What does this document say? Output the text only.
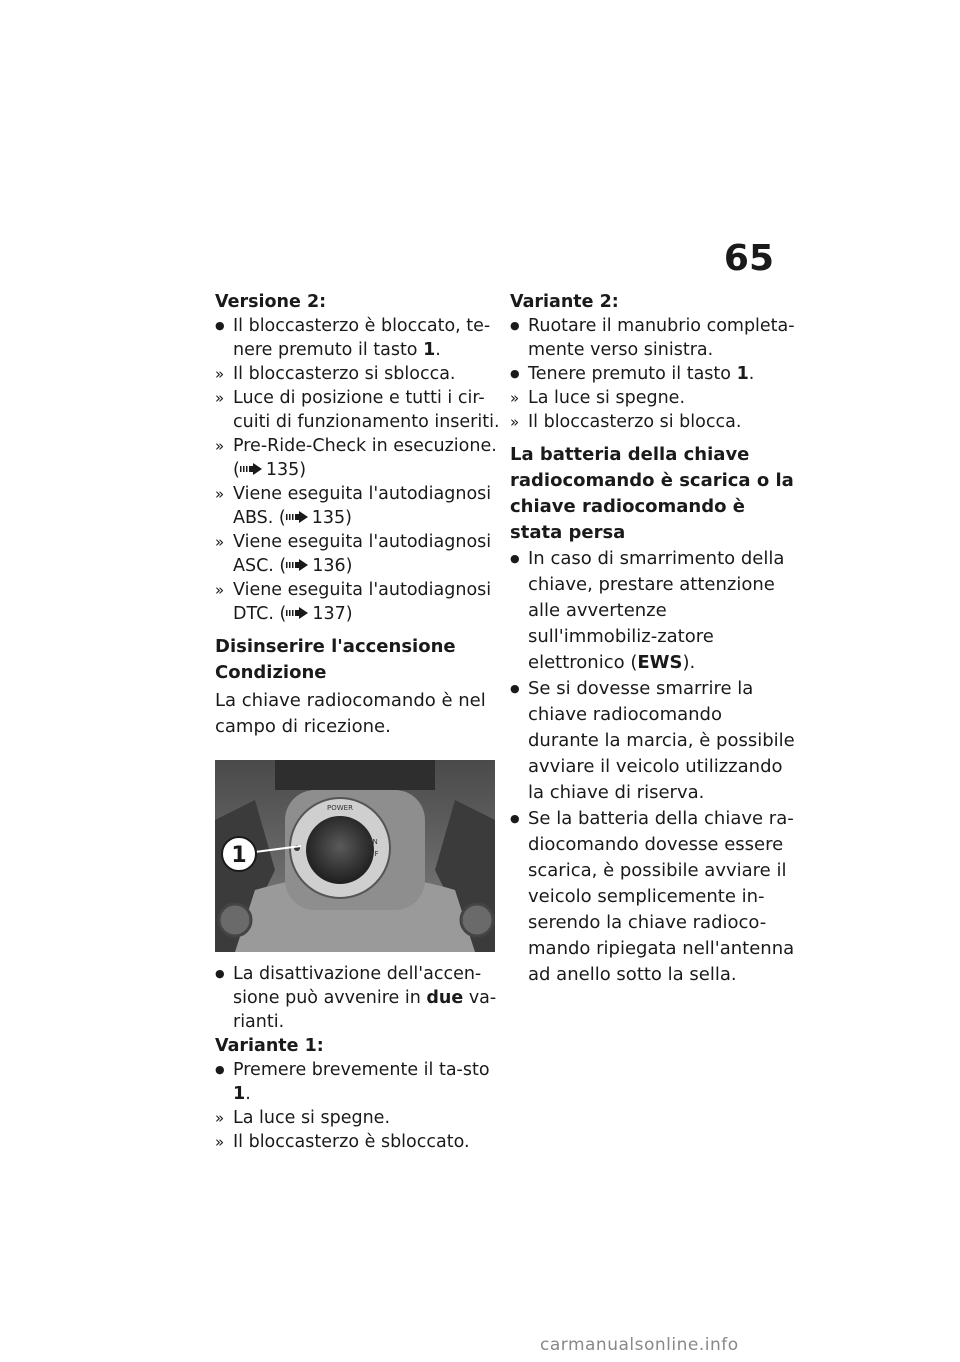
65

Versione 2:

●
Il bloccasterzo è bloccato, te-nere premuto il tasto 1.
»
Il bloccasterzo si sblocca.
»
Luce di posizione e tutti i cir-cuiti di funzionamento inseriti.
»
Pre-Ride-Check in esecuzione.
( 135)
»
Viene eseguita l'autodiagnosi ABS. ( 135)
»
Viene eseguita l'autodiagnosi ASC. ( 136)
»
Viene eseguita l'autodiagnosi DTC. ( 137)

Disinserire l'accensione

Condizione

La chiave radiocomando è nel campo di ricezione.

POWER
ON
OFF
1
●
La disattivazione dell'accen-sione può avvenire in due va-rianti.

Variante 1:

●
Premere brevemente il ta-sto 1.
»
La luce si spegne.
»
Il bloccasterzo è sbloccato.

Variante 2:

●
Ruotare il manubrio completa-mente verso sinistra.
●
Tenere premuto il tasto 1.
»
La luce si spegne.
»
Il bloccasterzo si blocca.

La batteria della chiave radiocomando è scarica o la chiave radiocomando è stata persa

●
In caso di smarrimento della chiave, prestare attenzione alle avvertenze sull'immobiliz-zatore elettronico (EWS).
●
Se si dovesse smarrire la chiave radiocomando durante la marcia, è possibile avviare il veicolo utilizzando la chiave di riserva.
●
Se la batteria della chiave ra-diocomando dovesse essere scarica, è possibile avviare il veicolo semplicemente in-serendo la chiave radioco-mando ripiegata nell'antenna ad anello sotto la sella.
carmanualsonline.info
